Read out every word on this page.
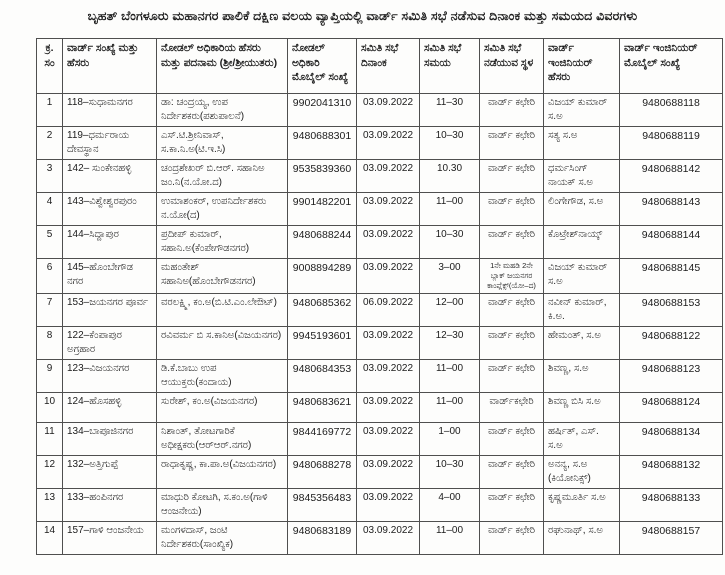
ಬೃಹತ್ ಬೆಂಗಳೂರು ಮಹಾನಗರ ಪಾಲಿಕೆ ದಕ್ಷಿಣ ವಲಯ ವ್ಯಾಪ್ತಿಯಲ್ಲಿ ವಾರ್ಡ್ ಸಮಿತಿ ಸಭೆ ನಡೆಸುವ ದಿನಾಂಕ ಮತ್ತು ಸಮಯದ ವಿವರಗಳು
ಕ್ರ. ಸಂ	ವಾರ್ಡ್ ಸಂಖ್ಯೆ ಮತ್ತು ಹೆಸರು	ನೋಡಲ್ ಅಧಿಕಾರಿಯ ಹೆಸರು ಮತ್ತು ಪದನಾಮ (ಶ್ರೀ/ಶ್ರೀಯುತರು)	ನೋಡಲ್ ಅಧಿಕಾರಿ ಮೊಬೈಲ್ ಸಂಖ್ಯೆ	ಸಮಿತಿ ಸಭೆ ದಿನಾಂಕ	ಸಮಿತಿ ಸಭೆ ಸಮಯ	ಸಮಿತಿ ಸಭೆ ನಡೆಯುವ ಸ್ಥಳ	ವಾರ್ಡ್ ಇಂಜಿನಿಯರ್ ಹೆಸರು	ವಾರ್ಡ್ ಇಂಜಿನಿಯರ್ ಮೊಬೈಲ್ ಸಂಖ್ಯೆ
1	118–ಸುಧಾಮನಗರ	ಡಾ: ಚಂದ್ರಯ್ಯ, ಉಪ ನಿರ್ದೇಶಕರು(ಪಶುಪಾಲನೆ)	9902041310	03.09.2022	11–30	ವಾರ್ಡ್ ಕಛೇರಿ	ವಿಜಯ್ ಕುಮಾರ್ ಸ.ಅ	9480688118
2	119–ಧರ್ಮರಾಯ ದೇವಸ್ಥಾನ	ಎಸ್.ಟಿ.ಶ್ರೀನಿವಾಸ್, ಸ.ಕಾ.ನಿ.ಅ(ಟಿ.ಇ.ಸಿ)	9480688301	03.09.2022	10–30	ವಾರ್ಡ್ ಕಛೇರಿ	ಸತ್ಯ ಸ.ಅ	9480688119
3	142– ಸುಂಕೇನಹಳ್ಳಿ	ಚಂದ್ರಶೇಖರ್ ಬಿ.ಆರ್. ಸಹಾನಿಅ ಜಂ.ನಿ(ನ.ಯೋ.ದ)	9535839360	03.09.2022	10.30	ವಾರ್ಡ್ ಕಛೇರಿ	ಧರ್ಮಸಿಂಗ್ ನಾಯಕ್ ಸ.ಅ	9480688142
4	143–ವಿಶ್ವೇಶ್ವರಪುರಂ	ಉಮಾಶಂಕರ್, ಉಪನಿರ್ದೇಶಕರು ನ.ಯೋ(ದ)	9901482201	03.09.2022	11–00	ವಾರ್ಡ್ ಕಛೇರಿ	ಲಿಂಗೇಗೌಡ, ಸ.ಅ	9480688143
5	144–ಸಿದ್ದಾಪುರ	ಪ್ರದೀಪ್ ಕುಮಾರ್, ಸಹಾನಿ.ಅ(ಕೆಂಪೇಗೌಡನಗರ)	9480688244	03.09.2022	10–30	ವಾರ್ಡ್ ಕಛೇರಿ	ಕೊಟ್ರೇಶ್‌ನಾಯ್ಕ್	9480688144
6	145–ಹೊಂಬೇಗೌಡ ನಗರ	ಮಹಂತೇಶ್ ಸಹಾನಿಅ(ಹೊಂಬೇಗೌಡನಗರ)	9008894289	03.09.2022	3–00	1ನೇ ಮಹಡಿ 2ನೇ ಬ್ಲಾಕ್ ಜಯನಗರ ಕಾಂಪ್ಲೆಕ್ಸ್(ಯೋ–ದ)	ವಿಜಯ್ ಕುಮಾರ್ ಸ.ಅ	9480688145
7	153–ಜಯನಗರ ಪೂರ್ವ	ವರಲಕ್ಷ್ಮಿ, ಕಂ.ಅ(ಬಿ.ಟಿ.ಎಂ.ಲೇಔಟ್)	9480685362	06.09.2022	12–00	ವಾರ್ಡ್ ಕಛೇರಿ	ನವೀನ್ ಕುಮಾರ್, ಕಿ.ಅ.	9480688153
8	122–ಕೆಂಪಾಪುರ ಅಗ್ರಹಾರ	ರವಿವರ್ಮ ಬಿ ಸ.ಕಾನಿಅ(ವಿಜಯನಗರ)	9945193601	03.09.2022	12–30	ವಾರ್ಡ್ ಕಛೇರಿ	ಹೇಮಂತ್, ಸ.ಅ	9480688122
9	123–ವಿಜಯನಗರ	ಡಿ.ಕೆ.ಬಾಬು ಉಪ ಆಯುಕ್ತರು(ಕಂದಾಯ)	9480684353	03.09.2022	11–00	ವಾರ್ಡ್ ಕಛೇರಿ	ಶಿವಣ್ಣ, ಸ.ಅ	9480688123
10	124–ಹೊಸಹಳ್ಳಿ	ಸುರೇಶ್, ಕಂ.ಅ(ವಿಜಯನಗರ)	9480683621	03.09.2022	11–00	ವಾರ್ಡ್‌ಕಛೇರಿ	ಶಿವಣ್ಣ ಬಿಸಿ ಸ.ಅ	9480688124
11	134–ಬಾಪೂಜಿನಗರ	ನಿಶಾಂತ್, ತೋಟಗಾರಿಕೆ ಅಧೀಕ್ಷಕರು(ಆರ್‌ಆರ್.ನಗರ)	9844169772	03.09.2022	1–00	ವಾರ್ಡ್ ಕಛೇರಿ	ಹರ್ಷಿತ್, ಎಸ್. ಸ.ಅ	9480688134
12	132–ಅತ್ತಿಗುಪ್ಪೆ	ರಾಧಾಕೃಷ್ಣ, ಕಾ.ಪಾ.ಅ(ವಿಜಯನಗರ)	9480688278	03.09.2022	10–30	ವಾರ್ಡ್ ಕಛೇರಿ	ಅನನ್ಯ, ಸ.ಅ (ಕಿಯೋನಿಕ್ಸ್)	9480688132
13	133–ಹಂಪಿನಗರ	ಮಾಧುರಿ ಕೋಟಗಿ, ಸ.ಕಂ.ಅ(ಗಾಳಿ ಆಂಜನೇಯ)	9845356483	03.09.2022	4–00	ವಾರ್ಡ್ ಕಛೇರಿ	ಕೃಷ್ಣಮೂರ್ತಿ ಸ.ಅ	9480688133
14	157–ಗಾಳಿ ಆಂಜನೇಯ	ಮಂಗಳದಾಸ್, ಜಂಟಿ ನಿರ್ದೇಶಕರು(ಸಾಂಖ್ಯಿಕ)	9480683189	03.09.2022	11–00	ವಾರ್ಡ್ ಕಛೇರಿ	ರಘುನಾಥ್, ಸ.ಅ	9480688157
